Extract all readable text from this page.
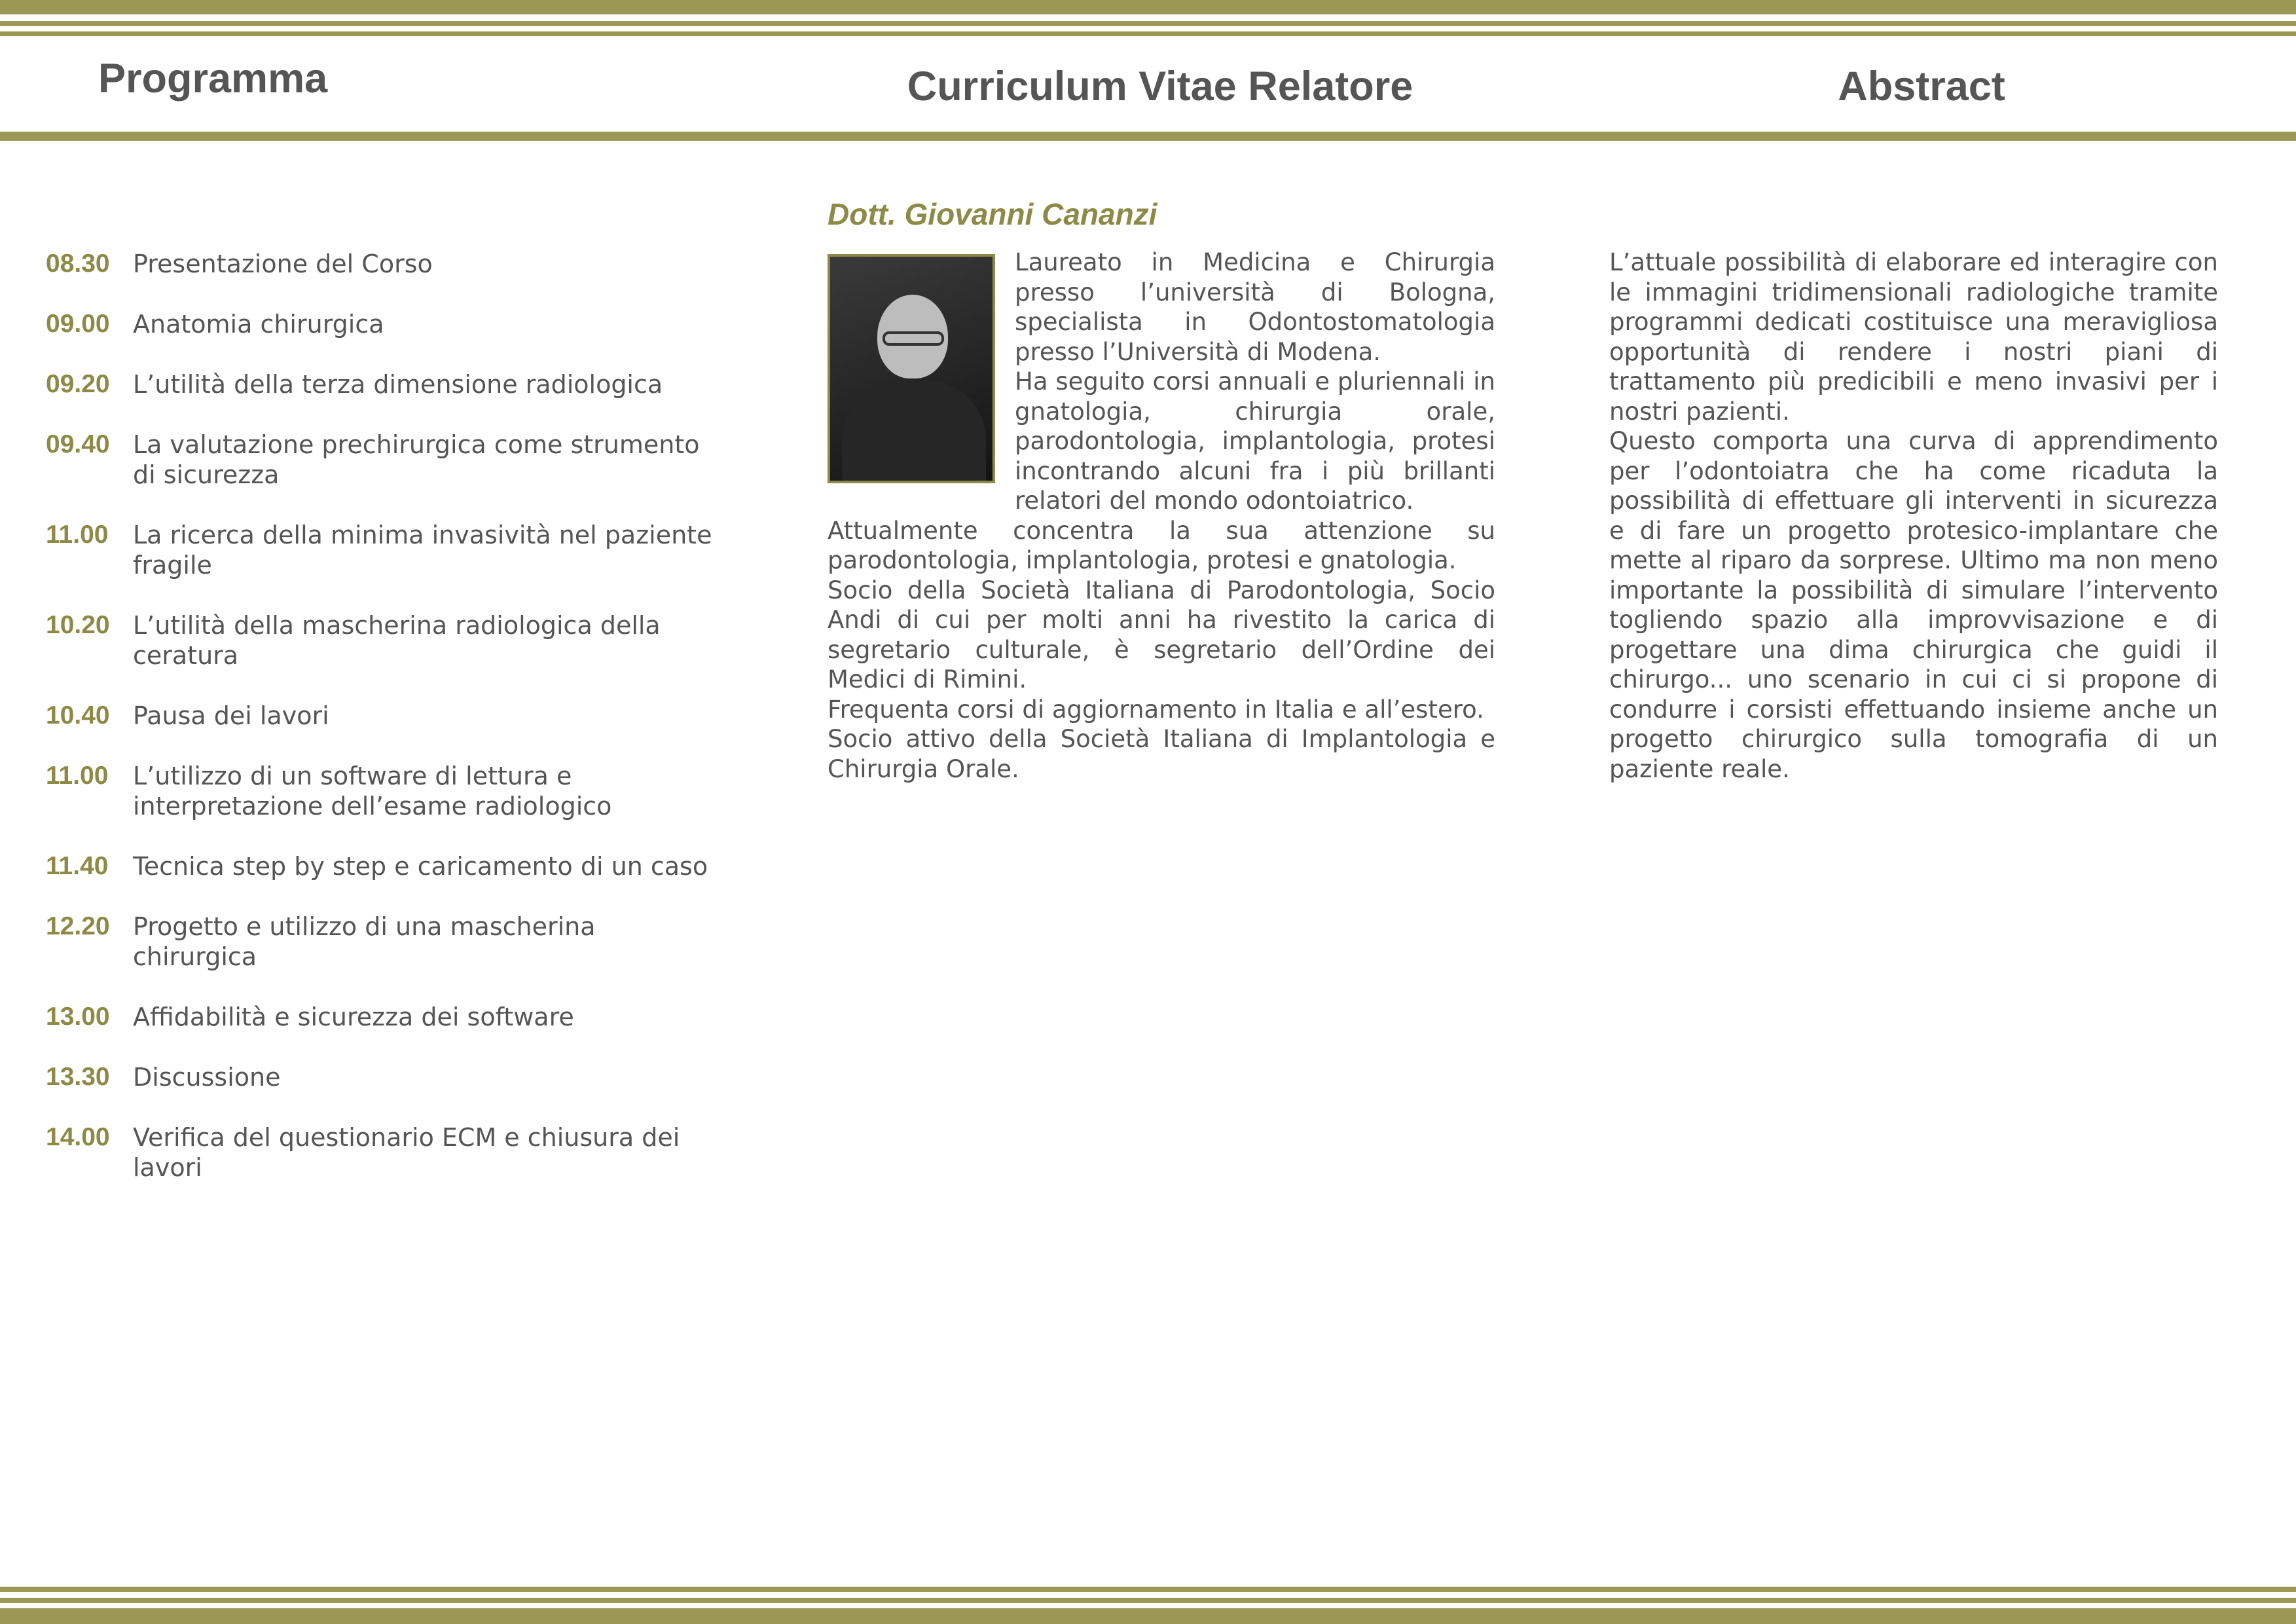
Programma	Curriculum Vitae Relatore	Abstract
08.30 Presentazione del Corso
09.00 Anatomia chirurgica
09.20 L’utilità della terza dimensione radiologica
09.40 La valutazione prechirurgica come strumento di sicurezza
11.00 La ricerca della minima invasività nel paziente fragile
10.20 L’utilità della mascherina radiologica della ceratura
10.40 Pausa dei lavori
11.00 L’utilizzo di un software di lettura e interpretazione dell’esame radiologico
11.40 Tecnica step by step e caricamento di un caso
12.20 Progetto e utilizzo di una mascherina chirurgica
13.00 Affidabilità e sicurezza dei software
13.30 Discussione
14.00 Verifica del questionario ECM e chiusura dei lavori
Dott. Giovanni Cananzi

Laureato in Medicina e Chirurgia presso l’università di Bologna, specialista in Odontostomatologia presso l’Università di Modena.

Ha seguito corsi annuali e pluriennali in gnatologia, chirurgia orale, parodontologia, implantologia, protesi incontrando alcuni fra i più brillanti relatori del mondo odontoiatrico.

Attualmente concentra la sua attenzione su parodontologia, implantologia, protesi e gnatologia.

Socio della Società Italiana di Parodontologia, Socio Andi di cui per molti anni ha rivestito la carica di segretario culturale, è segretario dell’Ordine dei Medici di Rimini.

Frequenta corsi di aggiornamento in Italia e all’estero.

Socio attivo della Società Italiana di Implantologia e Chirurgia Orale.

L’attuale possibilità di elaborare ed interagire con le immagini tridimensionali radiologiche tramite programmi dedicati costituisce una meravigliosa opportunità di rendere i nostri piani di trattamento più predicibili e meno invasivi per i nostri pazienti.

Questo comporta una curva di apprendimento per l’odontoiatra che ha come ricaduta la possibilità di effettuare gli interventi in sicurezza e di fare un progetto protesico-implantare che mette al riparo da sorprese. Ultimo ma non meno importante la possibilità di simulare l’intervento togliendo spazio alla improvvisazione e di progettare una dima chirurgica che guidi il chirurgo... uno scenario in cui ci si propone di condurre i corsisti effettuando insieme anche un progetto chirurgico sulla tomografia di un paziente reale.
